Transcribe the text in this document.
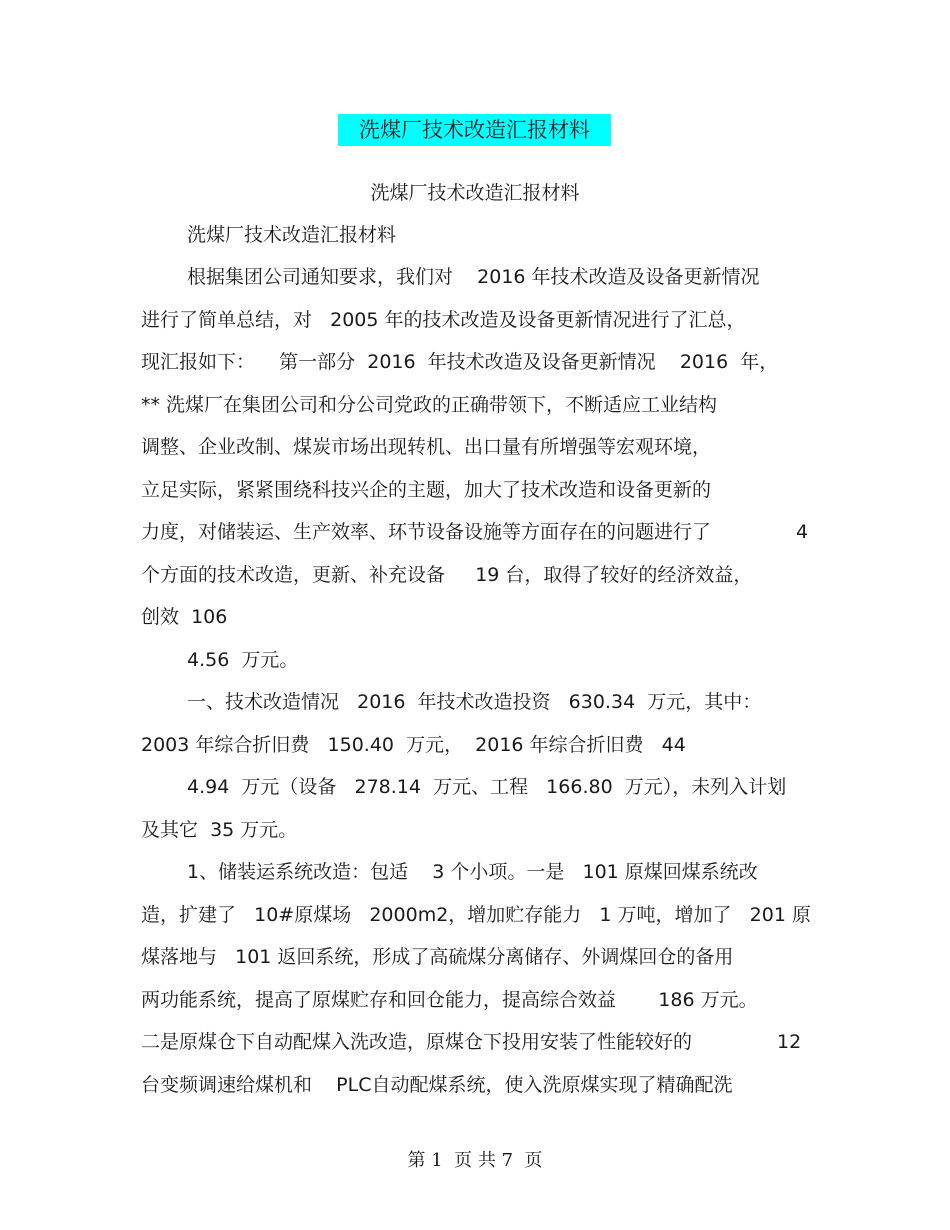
洗煤厂技术改造汇报材料
洗煤厂技术改造汇报材料
洗煤厂技术改造汇报材料
根据集团公司通知要求，我们对    2016 年技术改造及设备更新情况
进行了简单总结，对   2005 年的技术改造及设备更新情况进行了汇总，
现汇报如下：    第一部分  2016  年技术改造及设备更新情况    2016  年，
** 洗煤厂在集团公司和分公司党政的正确带领下，不断适应工业结构
调整、企业改制、煤炭市场出现转机、出口量有所增强等宏观环境，
立足实际，紧紧围绕科技兴企的主题，加大了技术改造和设备更新的
力度，对储装运、生产效率、环节设备设施等方面存在的问题进行了	4
个方面的技术改造，更新、补充设备     19 台，取得了较好的经济效益，
创效  106
4.56  万元。
一、技术改造情况   2016  年技术改造投资   630.34  万元，其中：
2003 年综合折旧费   150.40  万元，  2016 年综合折旧费   44
4.94  万元（设备   278.14  万元、工程   166.80  万元），未列入计划
及其它  35 万元。
1、储装运系统改造：包适    3 个小项。一是   101 原煤回煤系统改
造，扩建了   10#原煤场   2000m2，增加贮存能力   1 万吨，增加了   201 原
煤落地与   101 返回系统，形成了高硫煤分离储存、外调煤回仓的备用
两功能系统，提高了原煤贮存和回仓能力，提高综合效益       186 万元。
二是原煤仓下自动配煤入洗改造，原煤仓下投用安装了性能较好的	12
台变频调速给煤机和    PLC自动配煤系统，使入洗原煤实现了精确配洗
第 1  页 共 7  页
